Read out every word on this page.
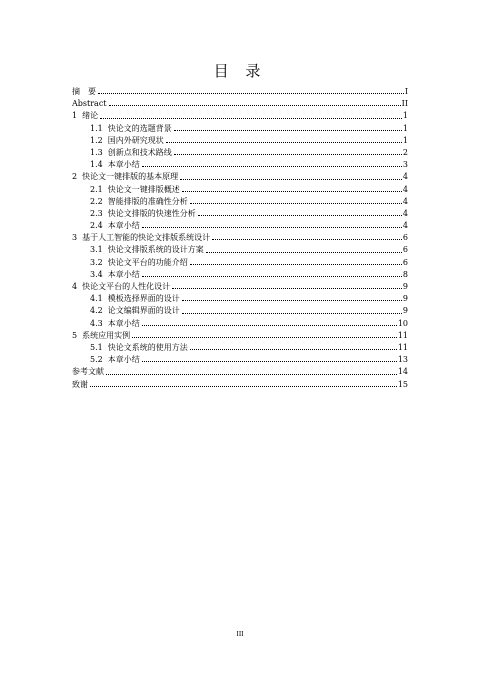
目 录
摘　要	I
Abstract	II
1 绪论	1
1.1 快论文的选题背景	1
1.2 国内外研究现状	1
1.3 创新点和技术路线	2
1.4 本章小结	3
2 快论文一键排版的基本原理	4
2.1 快论文一键排版概述	4
2.2 智能排版的准确性分析	4
2.3 快论文排版的快速性分析	4
2.4 本章小结	4
3 基于人工智能的快论文排版系统设计	6
3.1 快论文排版系统的设计方案	6
3.2 快论文平台的功能介绍	6
3.4 本章小结	8
4 快论文平台的人性化设计	9
4.1 模板选择界面的设计	9
4.2 论文编辑界面的设计	9
4.3 本章小结	10
5 系统应用实例	11
5.1 快论文系统的使用方法	11
5.2 本章小结	13
参考文献	14
致谢	15
III
